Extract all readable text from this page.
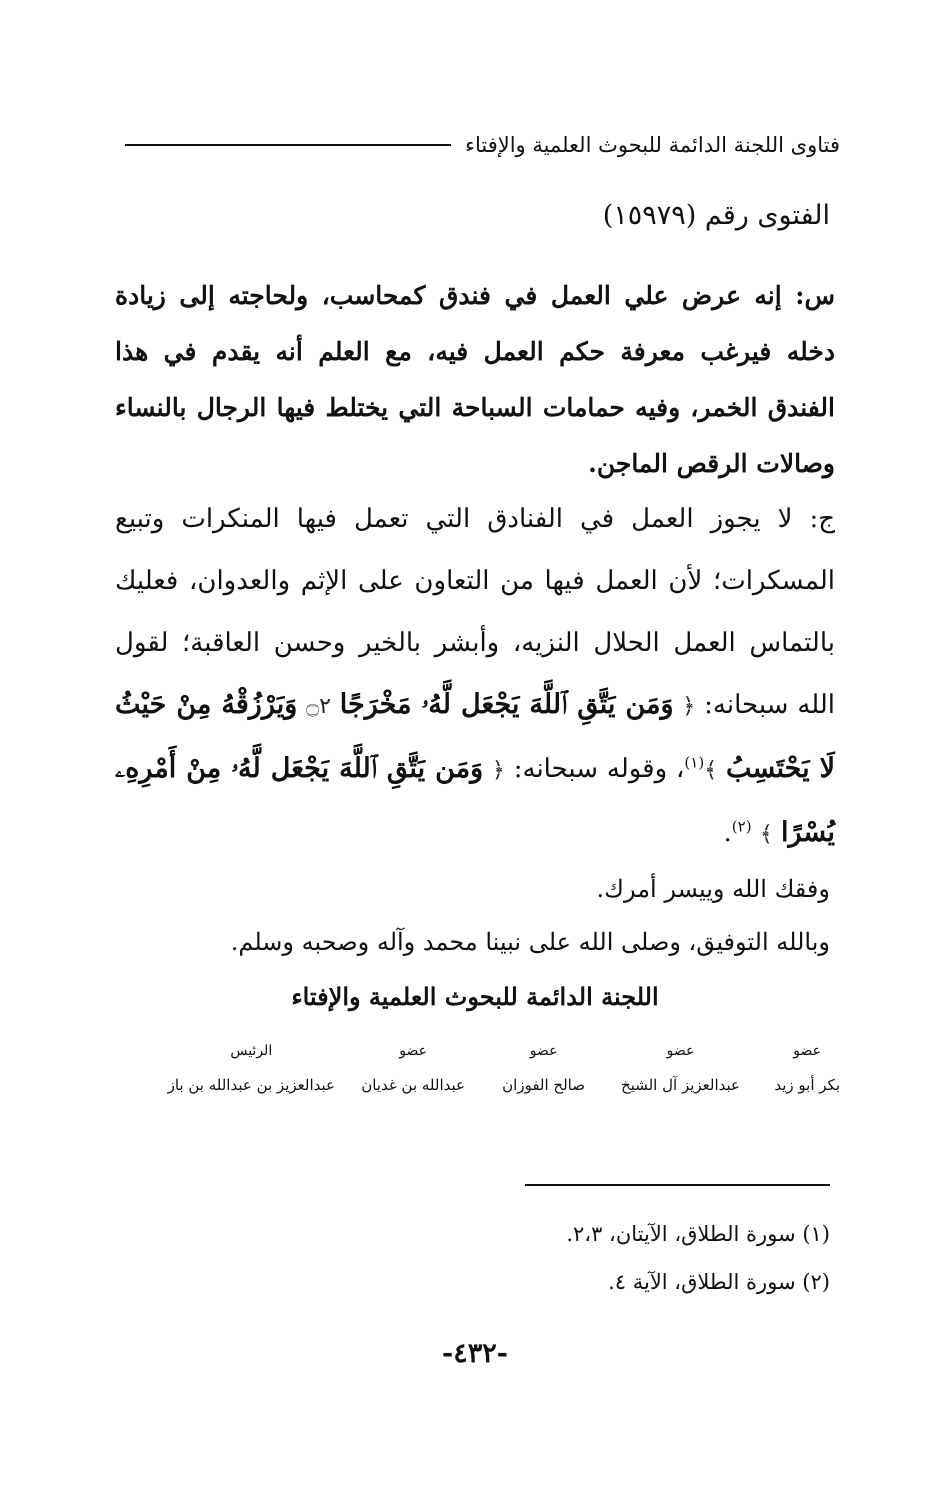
فتاوى اللجنة الدائمة للبحوث العلمية والإفتاء
الفتوى رقم (١٥٩٧٩)

س: إنه عرض علي العمل في فندق كمحاسب، ولحاجته إلى زيادة دخله فيرغب معرفة حكم العمل فيه، مع العلم أنه يقدم في هذا الفندق الخمر، وفيه حمامات السباحة التي يختلط فيها الرجال بالنساء وصالات الرقص الماجن.

ج: لا يجوز العمل في الفنادق التي تعمل فيها المنكرات وتبيع المسكرات؛ لأن العمل فيها من التعاون على الإثم والعدوان، فعليك بالتماس العمل الحلال النزيه، وأبشر بالخير وحسن العاقبة؛ لقول الله سبحانه: ﴿ وَمَن يَتَّقِ ٱللَّهَ يَجْعَل لَّهُۥ مَخْرَجًا ۝٢ وَيَرْزُقْهُ مِنْ حَيْثُ لَا يَحْتَسِبُ ﴾$^{(١)}$، وقوله سبحانه: ﴿ وَمَن يَتَّقِ ٱللَّهَ يَجْعَل لَّهُۥ مِنْ أَمْرِهِۦ يُسْرًا ﴾ $^{(٢)}$.

وفقك الله وييسر أمرك.
وبالله التوفيق، وصلى الله على نبينا محمد وآله وصحبه وسلم.
اللجنة الدائمة للبحوث العلمية والإفتاء
عضو
بكر أبو زيد
عضو
عبدالعزيز آل الشيخ
عضو
صالح الفوزان
عضو
عبدالله بن غديان
الرئيس
عبدالعزيز بن عبدالله بن باز
(١) سورة الطلاق، الآيتان، ٢،٣.
(٢) سورة الطلاق، الآية ٤.
-٤٣٢-
